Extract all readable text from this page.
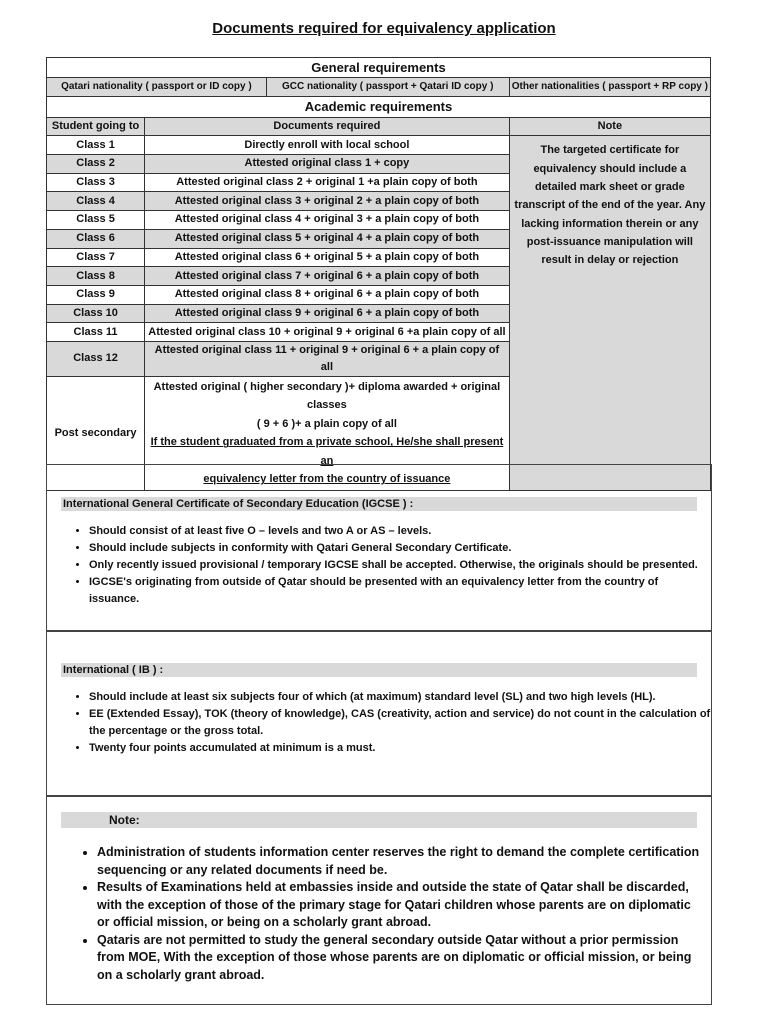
Documents required for equivalency application
General requirements			
Qatari nationality ( passport or ID copy )		GCC nationality ( passport + Qatari ID copy )	Other nationalities ( passport + RP copy )
Academic requirements			
Student going to	Documents required		Note
Class 1	Directly enroll with local school		The targeted certificate for equivalency should include a detailed mark sheet or grade transcript of the end of the year. Any lacking information therein or any post-issuance manipulation will result in delay or rejection
Class 2	Attested original class 1 + copy		
Class 3	Attested original class 2 + original 1 +a plain copy of both		
Class 4	Attested original class 3 + original 2 + a plain copy of both		
Class 5	Attested original class 4 + original 3 + a plain copy of both		
Class 6	Attested original class 5 + original 4 + a plain copy of both		
Class 7	Attested original class 6 + original 5 + a plain copy of both		
Class 8	Attested original class 7 + original 6 + a plain copy of both		
Class 9	Attested original class 8 + original 6 + a plain copy of both		
Class 10	Attested original class 9 + original 6 + a plain copy of both		
Class 11	Attested original class 10 + original 9 + original 6 +a plain copy of all		
Class 12	Attested original class 11 + original 9 + original 6 + a plain copy of all		
Post secondary	Attested original ( higher secondary )+ diploma awarded + original classes
( 9 + 6 )+ a plain copy of all
If the student graduated from a private school, He/she shall present an
equivalency letter from the country of issuance		
International General Certificate of Secondary Education (IGCSE ) :
• Should consist of at least five O – levels and two A or AS – levels.
• Should include subjects in conformity with Qatari General Secondary Certificate.
• Only recently issued provisional / temporary IGCSE shall be accepted. Otherwise, the originals should be presented.
• IGCSE's originating from outside of Qatar should be presented with an equivalency letter from the country of issuance.
International ( IB ) :
• Should include at least six subjects four of which (at maximum) standard level (SL) and two high levels (HL).
• EE (Extended Essay), TOK (theory of knowledge), CAS (creativity, action and service) do not count in the calculation of the percentage or the gross total.
• Twenty four points accumulated at minimum is a must.
Note:
• Administration of students information center reserves the right to demand the complete certification sequencing or any related documents if need be.
• Results of Examinations held at embassies inside and outside the state of Qatar shall be discarded, with the exception of those of the primary stage for Qatari children whose parents are on diplomatic or official mission, or being on a scholarly grant abroad.
• Qataris are not permitted to study the general secondary outside Qatar without a prior permission from MOE, With the exception of those whose parents are on diplomatic or official mission, or being on a scholarly grant abroad.
